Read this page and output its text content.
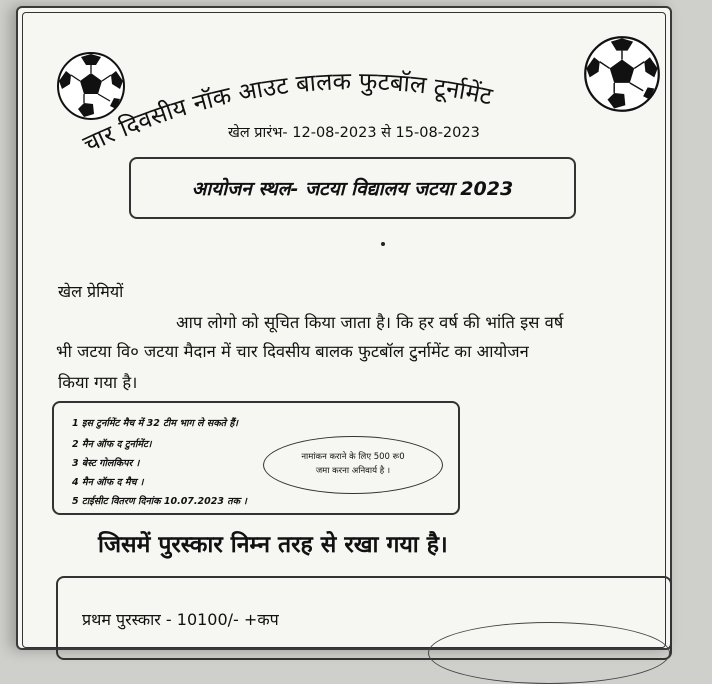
चार दिवसीय नॉक आउट बालक फुटबॉल टूर्नामेंट
खेल प्रारंभ- 12-08-2023 से 15-08-2023
आयोजन स्थल- जटया विद्यालय जटया 2023
खेल प्रेमियों
आप लोगो को सूचित किया जाता है। कि हर वर्ष की भांति इस वर्ष
भी जटया वि० जटया मैदान में चार दिवसीय बालक फुटबॉल टुर्नामेंट का आयोजन
किया गया है।
1 इस टुर्नामेंट मैच में 32 टीम भाग ले सकते हैं।
2 मैन ऑफ द टुर्नामेंट।
3 बेस्ट गोलकिपर ।
4 मैन ऑफ द मैच ।
5 टाईसीट वितरण दिनांक 10.07.2023 तक ।
नामांकन कराने के लिए 500 रू0
जमा करना अनिवार्य है ।
जिसमें पुरस्कार निम्न तरह से रखा गया है।
प्रथम पुरस्कार - 10100/- +कप
